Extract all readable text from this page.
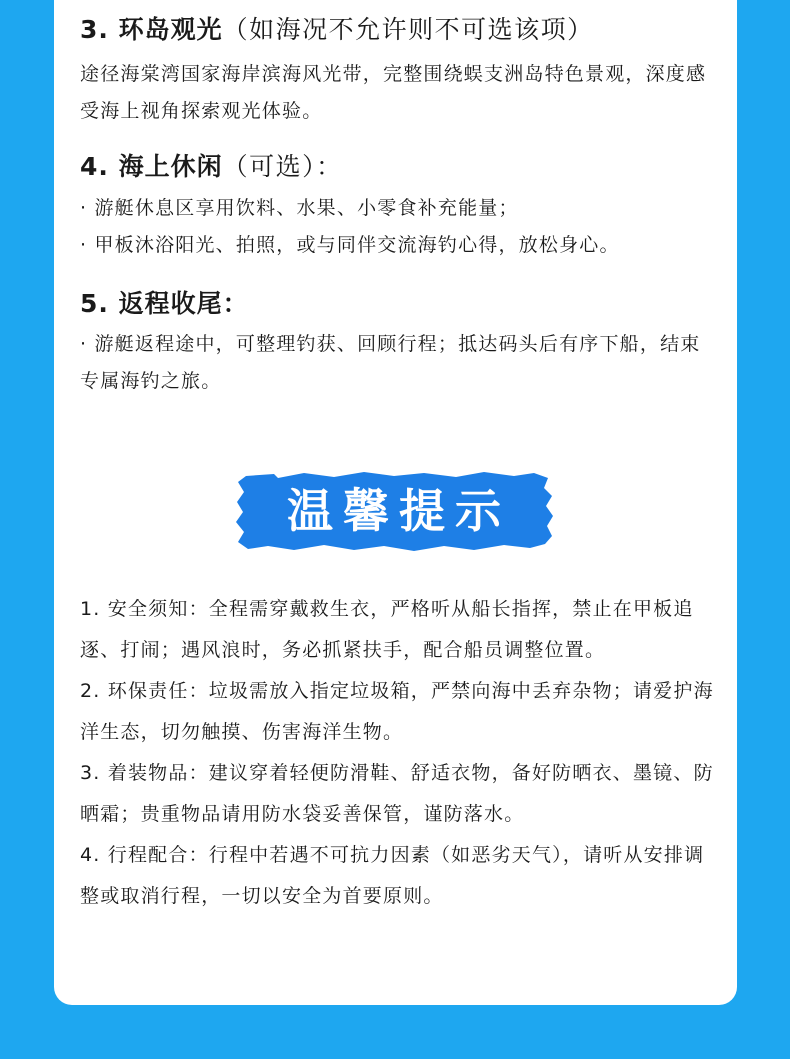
3. 环岛观光（如海况不允许则不可选该项）

途径海棠湾国家海岸滨海风光带，完整围绕蜈支洲岛特色景观，深度感受海上视角探索观光体验。

4. 海上休闲（可选）：

· 游艇休息区享用饮料、水果、小零食补充能量；

· 甲板沐浴阳光、拍照，或与同伴交流海钓心得，放松身心。

5. 返程收尾：

· 游艇返程途中，可整理钓获、回顾行程；抵达码头后有序下船，结束专属海钓之旅。

温馨提示

1. 安全须知：全程需穿戴救生衣，严格听从船长指挥，禁止在甲板追逐、打闹；遇风浪时，务必抓紧扶手，配合船员调整位置。

2. 环保责任：垃圾需放入指定垃圾箱，严禁向海中丢弃杂物；请爱护海洋生态，切勿触摸、伤害海洋生物。

3. 着装物品：建议穿着轻便防滑鞋、舒适衣物，备好防晒衣、墨镜、防晒霜；贵重物品请用防水袋妥善保管，谨防落水。

4. 行程配合：行程中若遇不可抗力因素（如恶劣天气），请听从安排调整或取消行程，一切以安全为首要原则。
